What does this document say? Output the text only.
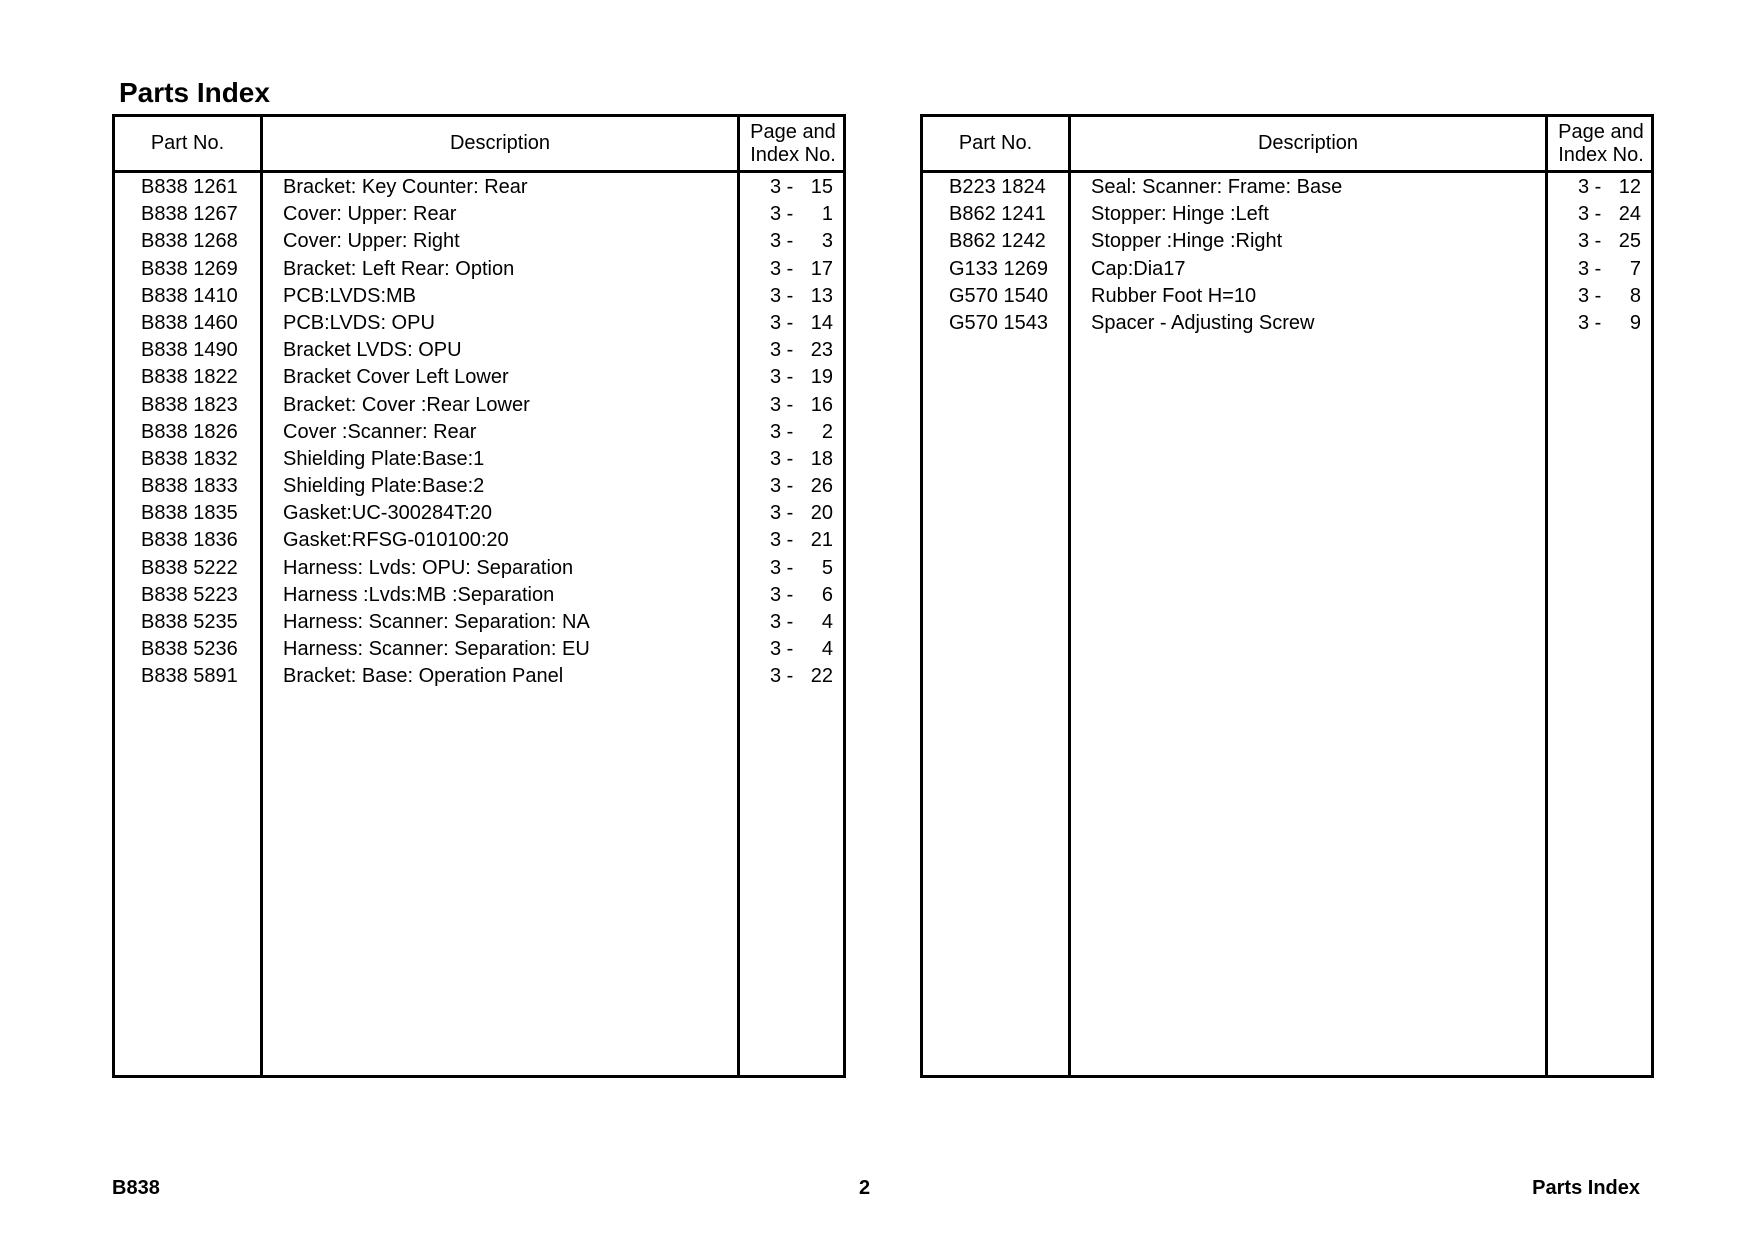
Parts Index
Part No.	Description
Page and
Index No.
B838 1261 Bracket: Key Counter: Rear	3 - 15
B838 1267 Cover: Upper: Rear	3 - 1
B838 1268 Cover: Upper: Right	3 - 3
B838 1269 Bracket: Left Rear: Option	3 - 17
B838 1410 PCB:LVDS:MB	3 - 13
B838 1460 PCB:LVDS: OPU	3 - 14
B838 1490 Bracket LVDS: OPU	3 - 23
B838 1822 Bracket Cover Left Lower	3 - 19
B838 1823 Bracket: Cover :Rear Lower	3 - 16
B838 1826 Cover :Scanner: Rear	3 - 2
B838 1832 Shielding Plate:Base:1	3 - 18
B838 1833 Shielding Plate:Base:2	3 - 26
B838 1835 Gasket:UC-300284T:20	3 - 20
B838 1836 Gasket:RFSG-010100:20	3 - 21
B838 5222 Harness: Lvds: OPU: Separation	3 - 5
B838 5223 Harness :Lvds:MB :Separation	3 - 6
B838 5235 Harness: Scanner: Separation: NA	3 - 4
B838 5236 Harness: Scanner: Separation: EU	3 - 4
B838 5891 Bracket: Base: Operation Panel	3 - 22
Part No.	Description
Page and
Index No.
B223 1824 Seal: Scanner: Frame: Base	3 - 12
B862 1241 Stopper: Hinge :Left	3 - 24
B862 1242 Stopper :Hinge :Right	3 - 25
G133 1269 Cap:Dia17	3 - 7
G570 1540 Rubber Foot H=10	3 - 8
G570 1543 Spacer - Adjusting Screw	3 - 9
B838	2	Parts Index
